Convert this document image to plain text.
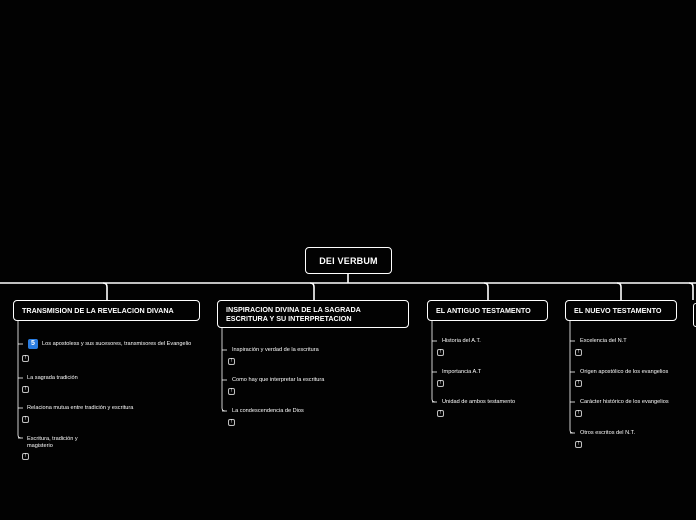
DEI VERBUM
TRANSMISION DE LA REVELACION DIVANA
5	Los apostoless y sus sucesores, transmisores del Evangelio
!
La sagrada tradición
!
Relaciona mutua entre tradición y escritura
!
Escritura, tradición y magisterio
!
INSPIRACION DIVINA DE LA SAGRADA ESCRITURA Y SU INTERPRETACION
Inspiración y verdad de la escritura
!
Como hay que interpretar la escritura
!
La condescendencia de Dios
!
EL ANTIGUO TESTAMENTO
Historia del A.T.
!
Importancia A.T
!
Unidad de ambos testamento
!
EL NUEVO TESTAMENTO
Excelencia del N.T
!
Origen apostólico de los evangelios
!
Carácter histórico de los evangelios
!
Otros escritos del N.T.
!
